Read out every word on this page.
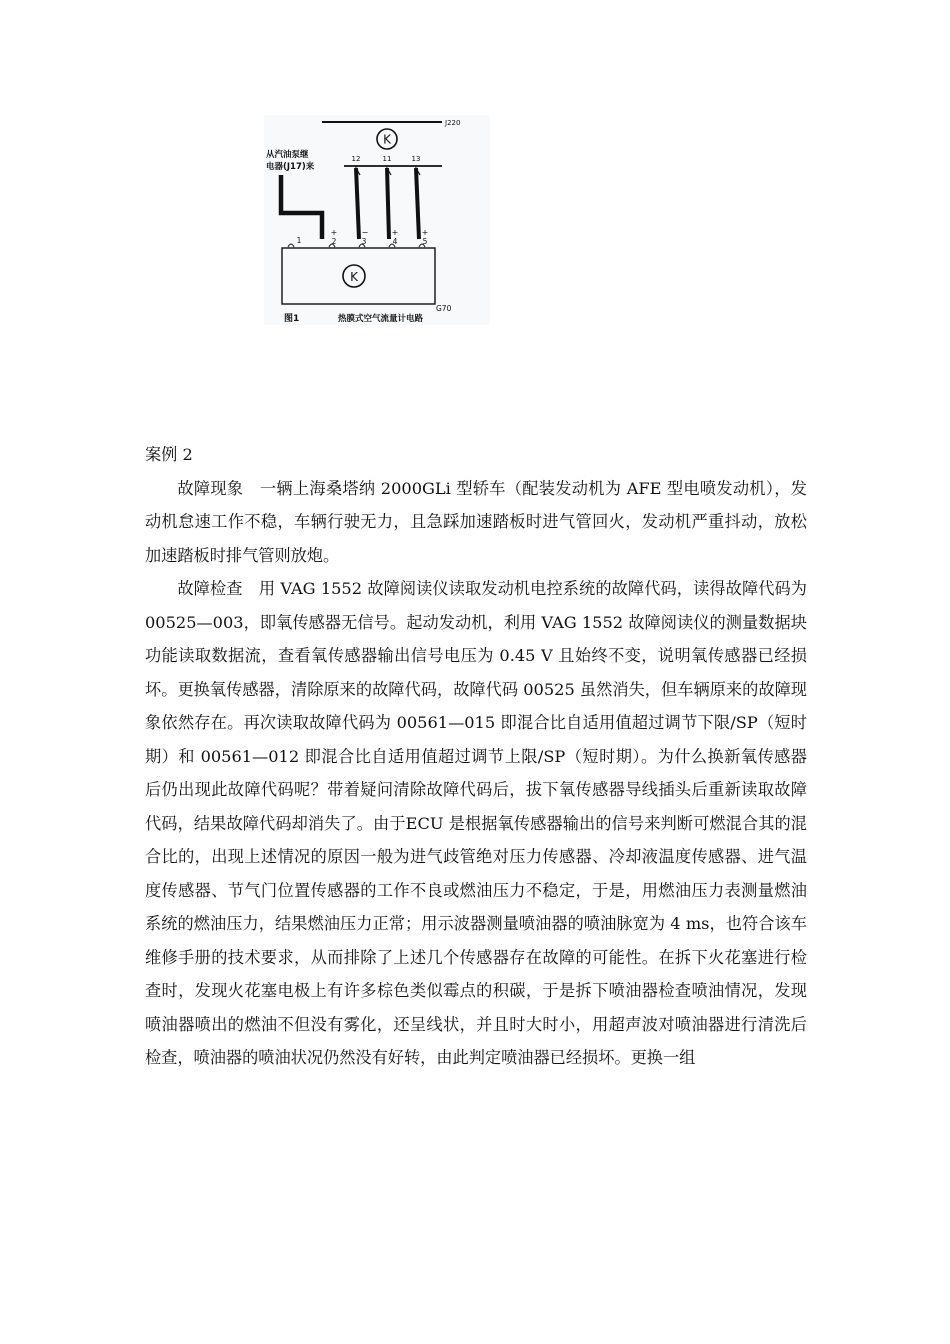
J220
K
从汽油泵继
电器(J17)来
12	11	13
+	−	+	+
1	2	3	4	5
K
G70
图1	热膜式空气流量计电路

案例 2

故障现象　一辆上海桑塔纳 2000GLi 型轿车（配装发动机为 AFE 型电喷发动机），发动机怠速工作不稳，车辆行驶无力，且急踩加速踏板时进气管回火，发动机严重抖动，放松加速踏板时排气管则放炮。

故障检查　用 VAG 1552 故障阅读仪读取发动机电控系统的故障代码，读得故障代码为 00525—003，即氧传感器无信号。起动发动机，利用 VAG 1552 故障阅读仪的测量数据块功能读取数据流，查看氧传感器输出信号电压为 0.45 V 且始终不变，说明氧传感器已经损坏。更换氧传感器，清除原来的故障代码，故障代码 00525 虽然消失，但车辆原来的故障现象依然存在。再次读取故障代码为 00561—015 即混合比自适用值超过调节下限/SP（短时期）和 00561—012 即混合比自适用值超过调节上限/SP（短时期）。为什么换新氧传感器后仍出现此故障代码呢？带着疑问清除故障代码后，拔下氧传感器导线插头后重新读取故障代码，结果故障代码却消失了。由于ECU 是根据氧传感器输出的信号来判断可燃混合其的混合比的，出现上述情况的原因一般为进气歧管绝对压力传感器、冷却液温度传感器、进气温度传感器、节气门位置传感器的工作不良或燃油压力不稳定，于是，用燃油压力表测量燃油系统的燃油压力，结果燃油压力正常；用示波器测量喷油器的喷油脉宽为 4 ms，也符合该车维修手册的技术要求，从而排除了上述几个传感器存在故障的可能性。在拆下火花塞进行检查时，发现火花塞电极上有许多棕色类似霉点的积碳，于是拆下喷油器检查喷油情况，发现喷油器喷出的燃油不但没有雾化，还呈线状，并且时大时小，用超声波对喷油器进行清洗后检查，喷油器的喷油状况仍然没有好转，由此判定喷油器已经损坏。更换一组
